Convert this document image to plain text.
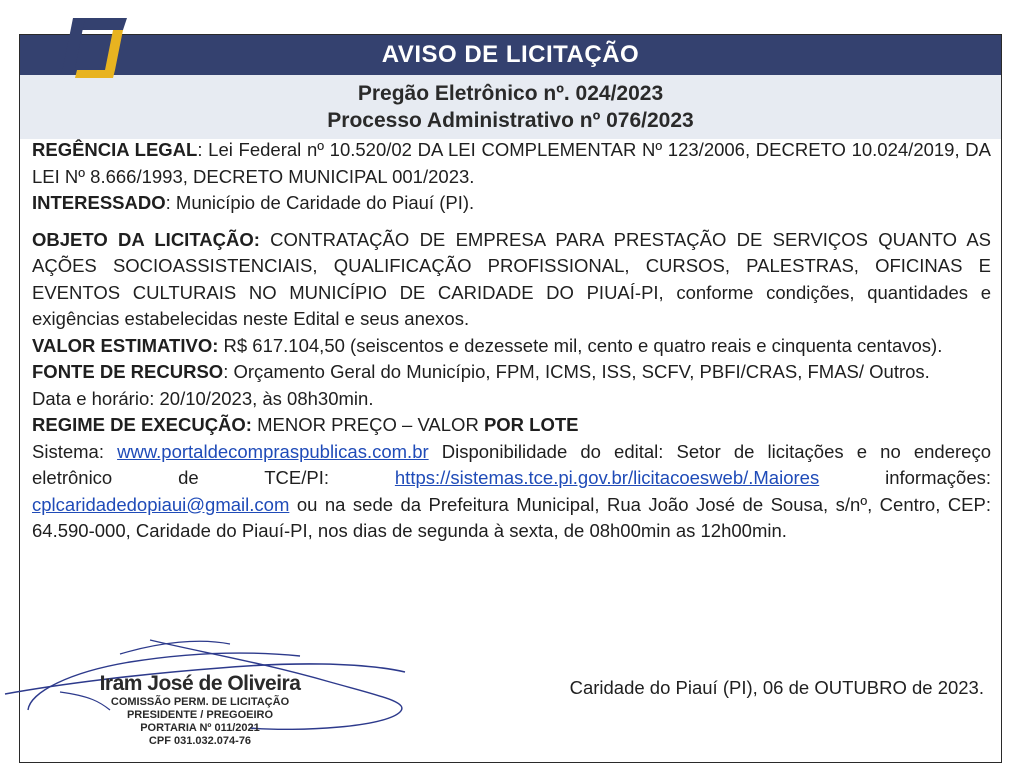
AVISO DE LICITAÇÃO
Pregão Eletrônico nº. 024/2023
Processo Administrativo nº 076/2023

REGÊNCIA LEGAL: Lei Federal nº 10.520/02 DA LEI COMPLEMENTAR Nº 123/2006, DECRETO 10.024/2019, DA LEI Nº 8.666/1993, DECRETO MUNICIPAL 001/2023.

INTERESSADO: Município de Caridade do Piauí (PI).

OBJETO DA LICITAÇÃO: CONTRATAÇÃO DE EMPRESA PARA PRESTAÇÃO DE SERVIÇOS QUANTO AS AÇÕES SOCIOASSISTENCIAIS, QUALIFICAÇÃO PROFISSIONAL, CURSOS, PALESTRAS, OFICINAS E EVENTOS CULTURAIS NO MUNICÍPIO DE CARIDADE DO PIUAÍ-PI, conforme condições, quantidades e exigências estabelecidas neste Edital e seus anexos.

VALOR ESTIMATIVO: R$ 617.104,50 (seiscentos e dezessete mil, cento e quatro reais e cinquenta centavos).

FONTE DE RECURSO: Orçamento Geral do Município, FPM, ICMS, ISS, SCFV, PBFI/CRAS, FMAS/ Outros.

Data e horário: 20/10/2023, às 08h30min.

REGIME DE EXECUÇÃO: MENOR PREÇO – VALOR POR LOTE

Sistema: www.portaldecompraspublicas.com.br Disponibilidade do edital: Setor de licitações e no endereço eletrônico de TCE/PI: https://sistemas.tce.pi.gov.br/licitacoesweb/.Maiores informações: cplcaridadedopiaui@gmail.com ou na sede da Prefeitura Municipal, Rua João José de Sousa, s/nº, Centro, CEP: 64.590-000, Caridade do Piauí-PI, nos dias de segunda à sexta, de 08h00min as 12h00min.

Iram José de Oliveira
COMISSÃO PERM. DE LICITAÇÃO
PRESIDENTE / PREGOEIRO
PORTARIA Nº 011/2021
CPF 031.032.074-76
Caridade do Piauí (PI), 06 de OUTUBRO de 2023.
